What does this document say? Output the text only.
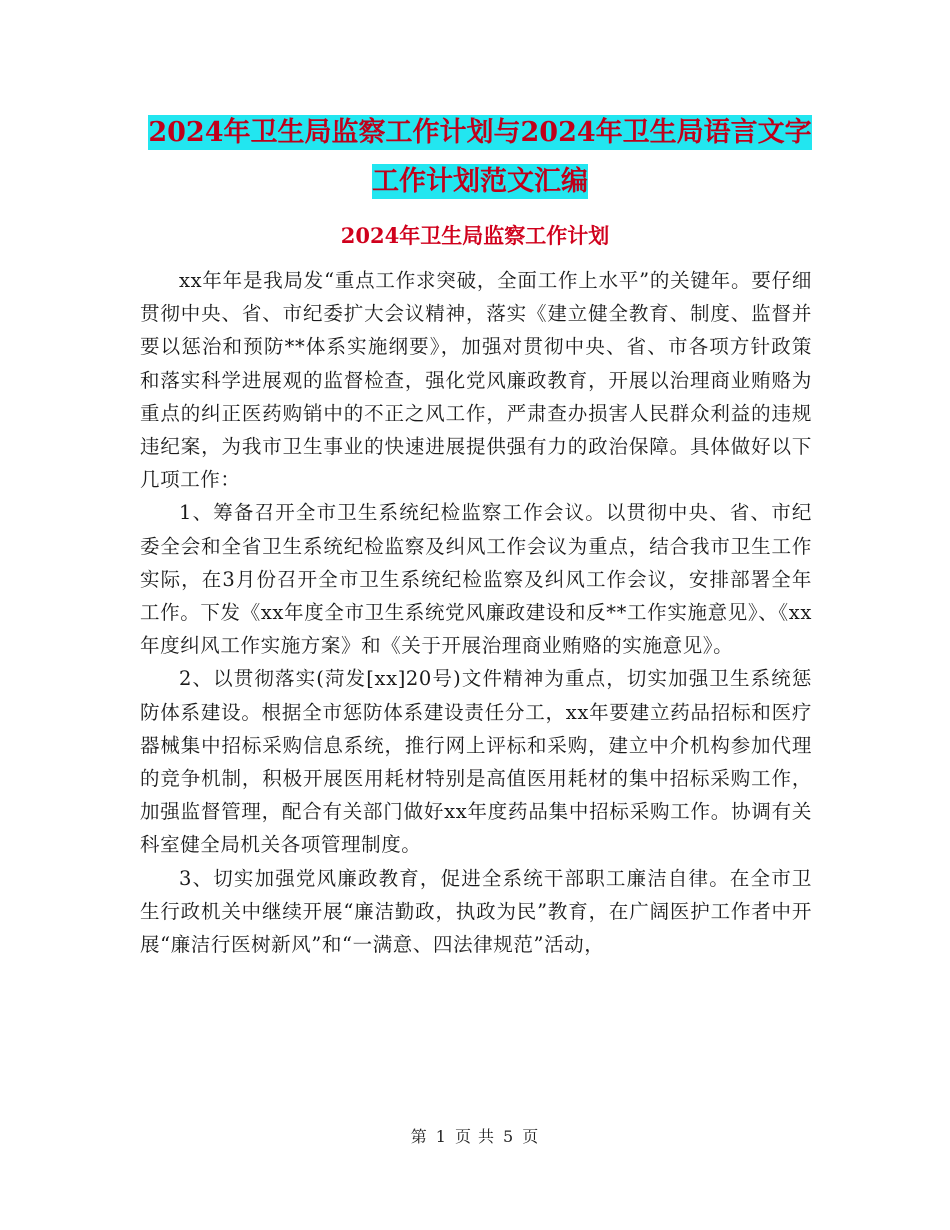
2024年卫生局监察工作计划与2024年卫生局语言文字
工作计划范文汇编
2024年卫生局监察工作计划

xx年年是我局发“重点工作求突破，全面工作上水平”的关键年。要仔细贯彻中央、省、市纪委扩大会议精神，落实《建立健全教育、制度、监督并要以惩治和预防**体系实施纲要》，加强对贯彻中央、省、市各项方针政策和落实科学进展观的监督检查，强化党风廉政教育，开展以治理商业贿赂为重点的纠正医药购销中的不正之风工作，严肃查办损害人民群众利益的违规违纪案，为我市卫生事业的快速进展提供强有力的政治保障。具体做好以下几项工作：

1、筹备召开全市卫生系统纪检监察工作会议。以贯彻中央、省、市纪委全会和全省卫生系统纪检监察及纠风工作会议为重点，结合我市卫生工作实际，在3月份召开全市卫生系统纪检监察及纠风工作会议，安排部署全年工作。下发《xx年度全市卫生系统党风廉政建设和反**工作实施意见》、《xx年度纠风工作实施方案》和《关于开展治理商业贿赂的实施意见》。

2、以贯彻落实(菏发[xx]20号)文件精神为重点，切实加强卫生系统惩防体系建设。根据全市惩防体系建设责任分工，xx年要建立药品招标和医疗器械集中招标采购信息系统，推行网上评标和采购，建立中介机构参加代理的竞争机制，积极开展医用耗材特别是高值医用耗材的集中招标采购工作，加强监督管理，配合有关部门做好xx年度药品集中招标采购工作。协调有关科室健全局机关各项管理制度。

3、切实加强党风廉政教育，促进全系统干部职工廉洁自律。在全市卫生行政机关中继续开展“廉洁勤政，执政为民”教育，在广阔医护工作者中开展“廉洁行医树新风”和“一满意、四法律规范”活动，

第 1 页 共 5 页
